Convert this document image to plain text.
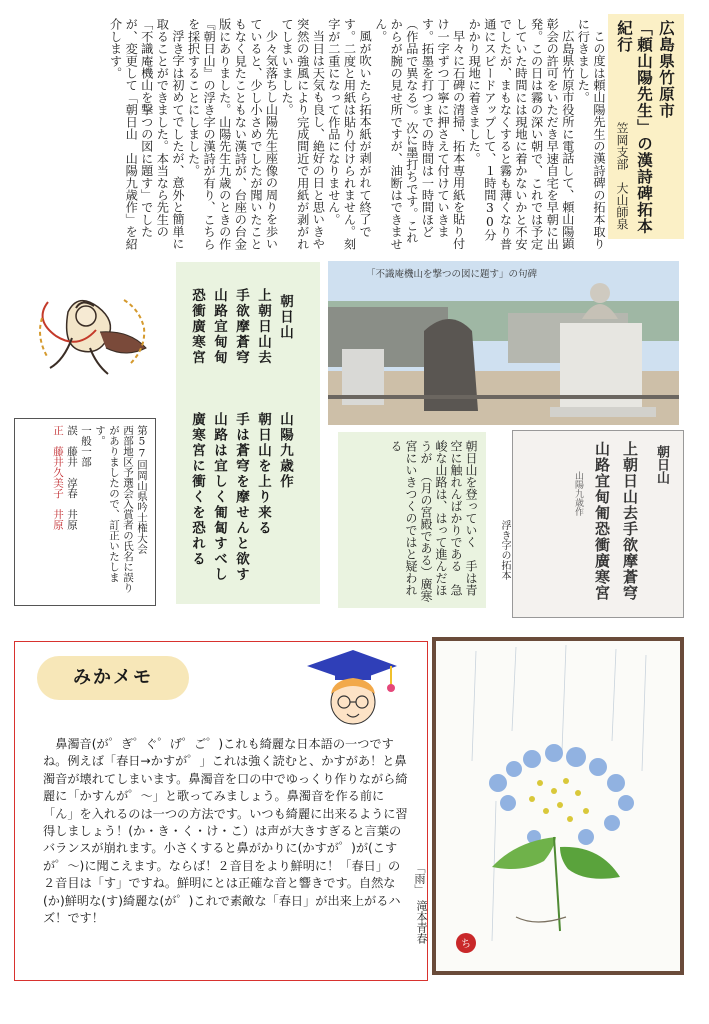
広島県竹原市
「頼山陽先生」の漢詩碑拓本紀行
笠岡支部　大山師泉

この度は頼山陽先生の漢詩碑の拓本取りに行きました。

広島県竹原市役所に電話して、頼山陽顕彰会の許可をいただき早速自宅を早朝に出発。この日は霧の深い朝で、これでは予定していた時間には現地に着かないかと不安でしたが、まもなくすると霧も薄くなり普通にスピードアップして、１時間30分かかり現地に着きました。

早々に石碑の清掃、拓本専用紙を貼り付け一字ずつ丁寧に押さえて付けていきます。拓墨を打つまでの時間は一時間ほど（作品で異なる）。次に墨打ちです。これからが腕の見せ所ですが、油断はできません。

風が吹いたら拓本紙が剥がれて終了です。二度と用紙は貼り付けられません。刻字が二重になって作品になりません。

当日は天気も良し、絶好の日と思いきや突然の強風により完成間近で用紙が剥がれてしまいました。

少々気落ちし山陽先生座像の周りを歩いていると、少し小さめでしたが聞いたこともなく見たこともない漢詩が、台座の台金版にありました。山陽先生九歳のときの作『朝日山』の浮き字の漢詩が有り、こちらを採択することにしました。

浮き字は初めてでしたが、意外と簡単に取ることができました。本当なら先生の「不識庵機山を撃つの図に題す」でしたが、変更して「朝日山　山陽九歳作」を紹介します。

朝日山
山陽九歳作
上朝日山去
手欲摩蒼穹
山路宜甸甸
恐衝廣寒宮
朝日山を上り来る
手は蒼穹を摩せんと欲す
山路は宜しく匍匐すべし
廣寒宮に衝くを恐れる
「不識庵機山を撃つの図に題す」の句碑
第57回岡山県吟士権大会
西部地区予選会入賞者の氏名に誤りがありましたので、訂正いたします。
一般一部
誤　藤井　淳春　井原
正　藤井久美子　井原	朝日山を登っていく　手は青空に触れんばかりである　急峻な山路は、はって進んだほうが　（月の宮殿である）廣寒宮にいきつくのではと疑われる
浮き字の拓本
朝日山
上朝日山去手欲摩蒼穹
山路宜甸匍恐衝廣寒宮
山陽九歳作
みかメモ

鼻濁音(が゜ぎ゜ぐ゜げ゜ご゜)これも綺麗な日本語の一つですね。例えば「春日→かすが゜」これは強く読むと、かすがあ！と鼻濁音が壊れてしまいます。鼻濁音を口の中でゆっくり作りながら綺麗に「かすんが゜～」と歌ってみましょう。鼻濁音を作る前に「ん」を入れるのは一つの方法です。いつも綺麗に出来るように習得しましょう！(か・き・く・け・こ）は声が大きすぎると言葉のバランスが崩れます。小さくすると鼻がかりに(かすが゜)が(こすが゜～)に聞こえます。ならば！２音目をより鮮明に！「春日」の２音目は「す」ですね。鮮明にとは正確な音と響きです。自然な(か)鮮明な(す)綺麗な(が゜)これで素敵な「春日」が出来上がるハズ！です！

「雨」
滝本青春
ち
